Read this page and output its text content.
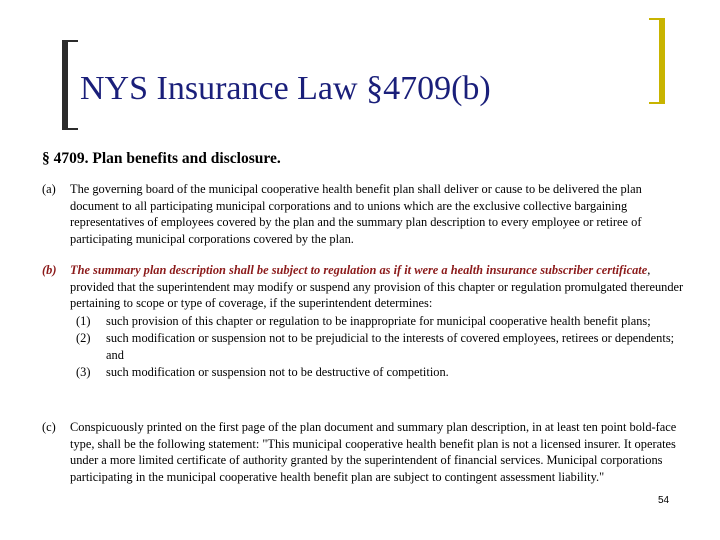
NYS Insurance Law §4709(b)
§ 4709. Plan benefits and disclosure.
(a) The governing board of the municipal cooperative health benefit plan shall deliver or cause to be delivered the plan document to all participating municipal corporations and to unions which are the exclusive collective bargaining representatives of employees covered by the plan and the summary plan description to every employee or retiree of participating municipal corporations covered by the plan.
(b) The summary plan description shall be subject to regulation as if it were a health insurance subscriber certificate, provided that the superintendent may modify or suspend any provision of this chapter or regulation promulgated thereunder pertaining to scope or type of coverage, if the superintendent determines:
(1) such provision of this chapter or regulation to be inappropriate for municipal cooperative health benefit plans;
(2) such modification or suspension not to be prejudicial to the interests of covered employees, retirees or dependents; and
(3) such modification or suspension not to be destructive of competition.
(c) Conspicuously printed on the first page of the plan document and summary plan description, in at least ten point bold-face type, shall be the following statement: "This municipal cooperative health benefit plan is not a licensed insurer. It operates under a more limited certificate of authority granted by the superintendent of financial services. Municipal corporations participating in the municipal cooperative health benefit plan are subject to contingent assessment liability."
54
